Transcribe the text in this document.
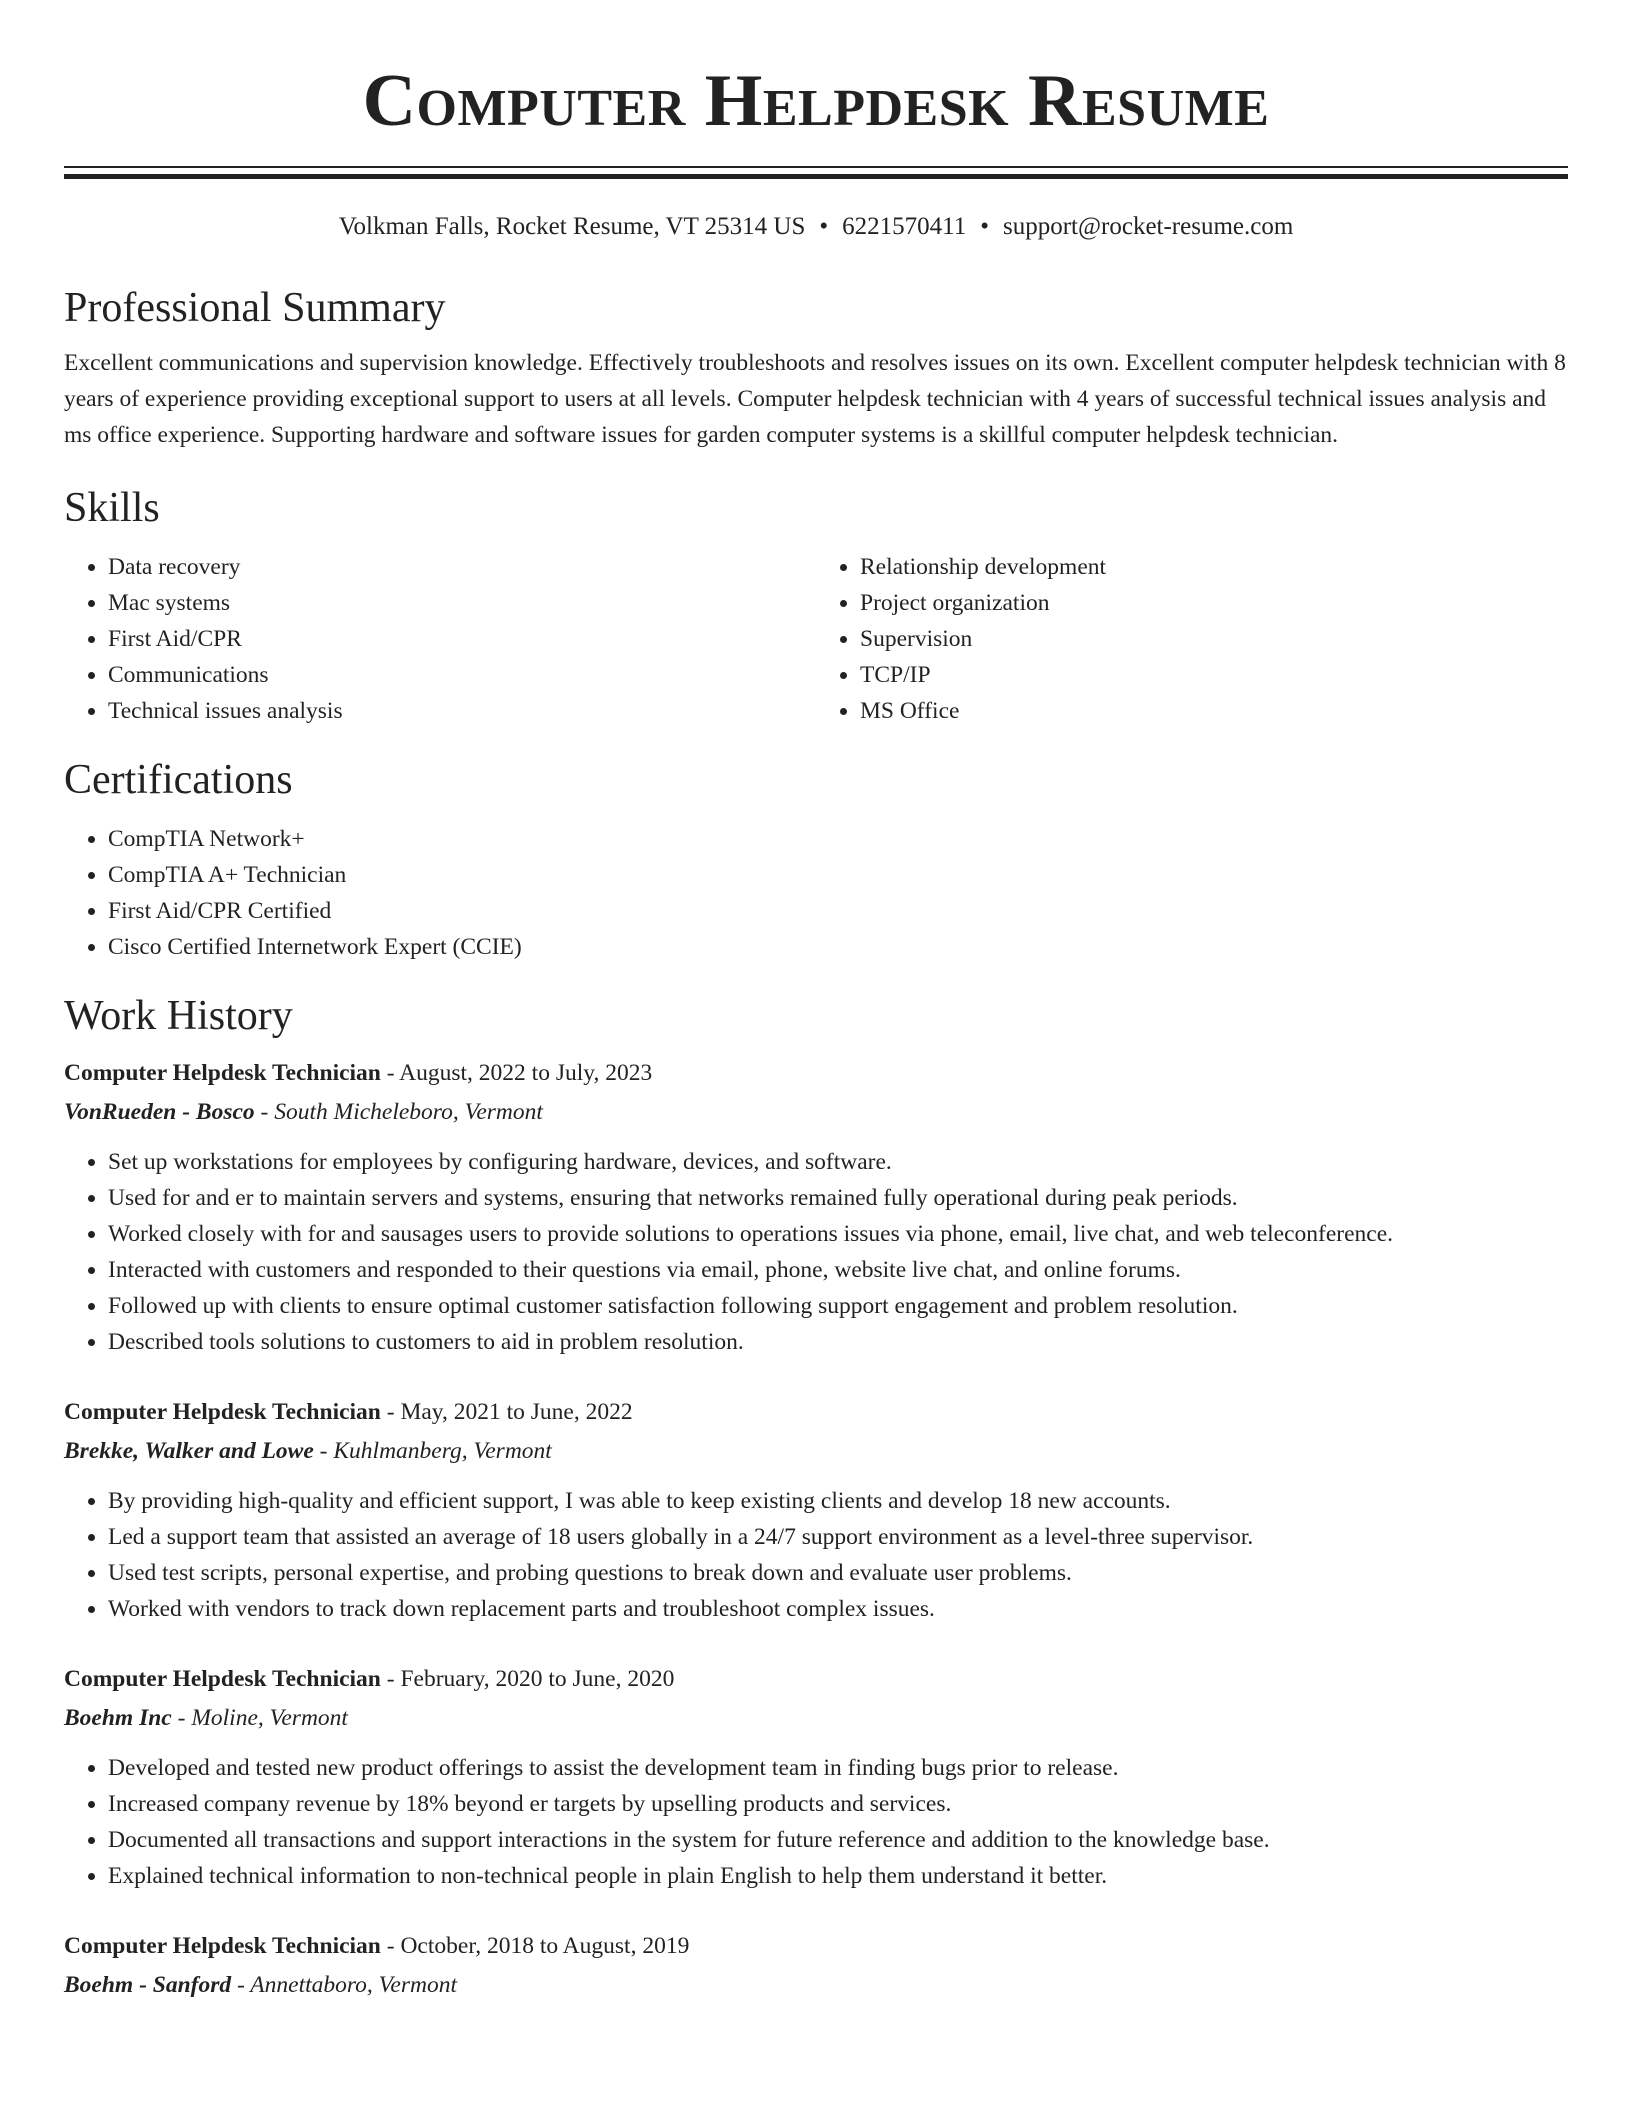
Computer Helpdesk Resume
Volkman Falls, Rocket Resume, VT 25314 US • 6221570411 • support@rocket-resume.com
Professional Summary

Excellent communications and supervision knowledge. Effectively troubleshoots and resolves issues on its own. Excellent computer helpdesk technician with 8 years of experience providing exceptional support to users at all levels. Computer helpdesk technician with 4 years of successful technical issues analysis and ms office experience. Supporting hardware and software issues for garden computer systems is a skillful computer helpdesk technician.

Skills
• Data recovery
• Mac systems
• First Aid/CPR
• Communications
• Technical issues analysis
• Relationship development
• Project organization
• Supervision
• TCP/IP
• MS Office
Certifications
• CompTIA Network+
• CompTIA A+ Technician
• First Aid/CPR Certified
• Cisco Certified Internetwork Expert (CCIE)
Work History
Computer Helpdesk Technician - August, 2022 to July, 2023
VonRueden - Bosco - South Micheleboro, Vermont
• Set up workstations for employees by configuring hardware, devices, and software.
• Used for and er to maintain servers and systems, ensuring that networks remained fully operational during peak periods.
• Worked closely with for and sausages users to provide solutions to operations issues via phone, email, live chat, and web teleconference.
• Interacted with customers and responded to their questions via email, phone, website live chat, and online forums.
• Followed up with clients to ensure optimal customer satisfaction following support engagement and problem resolution.
• Described tools solutions to customers to aid in problem resolution.
Computer Helpdesk Technician - May, 2021 to June, 2022
Brekke, Walker and Lowe - Kuhlmanberg, Vermont
• By providing high-quality and efficient support, I was able to keep existing clients and develop 18 new accounts.
• Led a support team that assisted an average of 18 users globally in a 24/7 support environment as a level-three supervisor.
• Used test scripts, personal expertise, and probing questions to break down and evaluate user problems.
• Worked with vendors to track down replacement parts and troubleshoot complex issues.
Computer Helpdesk Technician - February, 2020 to June, 2020
Boehm Inc - Moline, Vermont
• Developed and tested new product offerings to assist the development team in finding bugs prior to release.
• Increased company revenue by 18% beyond er targets by upselling products and services.
• Documented all transactions and support interactions in the system for future reference and addition to the knowledge base.
• Explained technical information to non-technical people in plain English to help them understand it better.
Computer Helpdesk Technician - October, 2018 to August, 2019
Boehm - Sanford - Annettaboro, Vermont
